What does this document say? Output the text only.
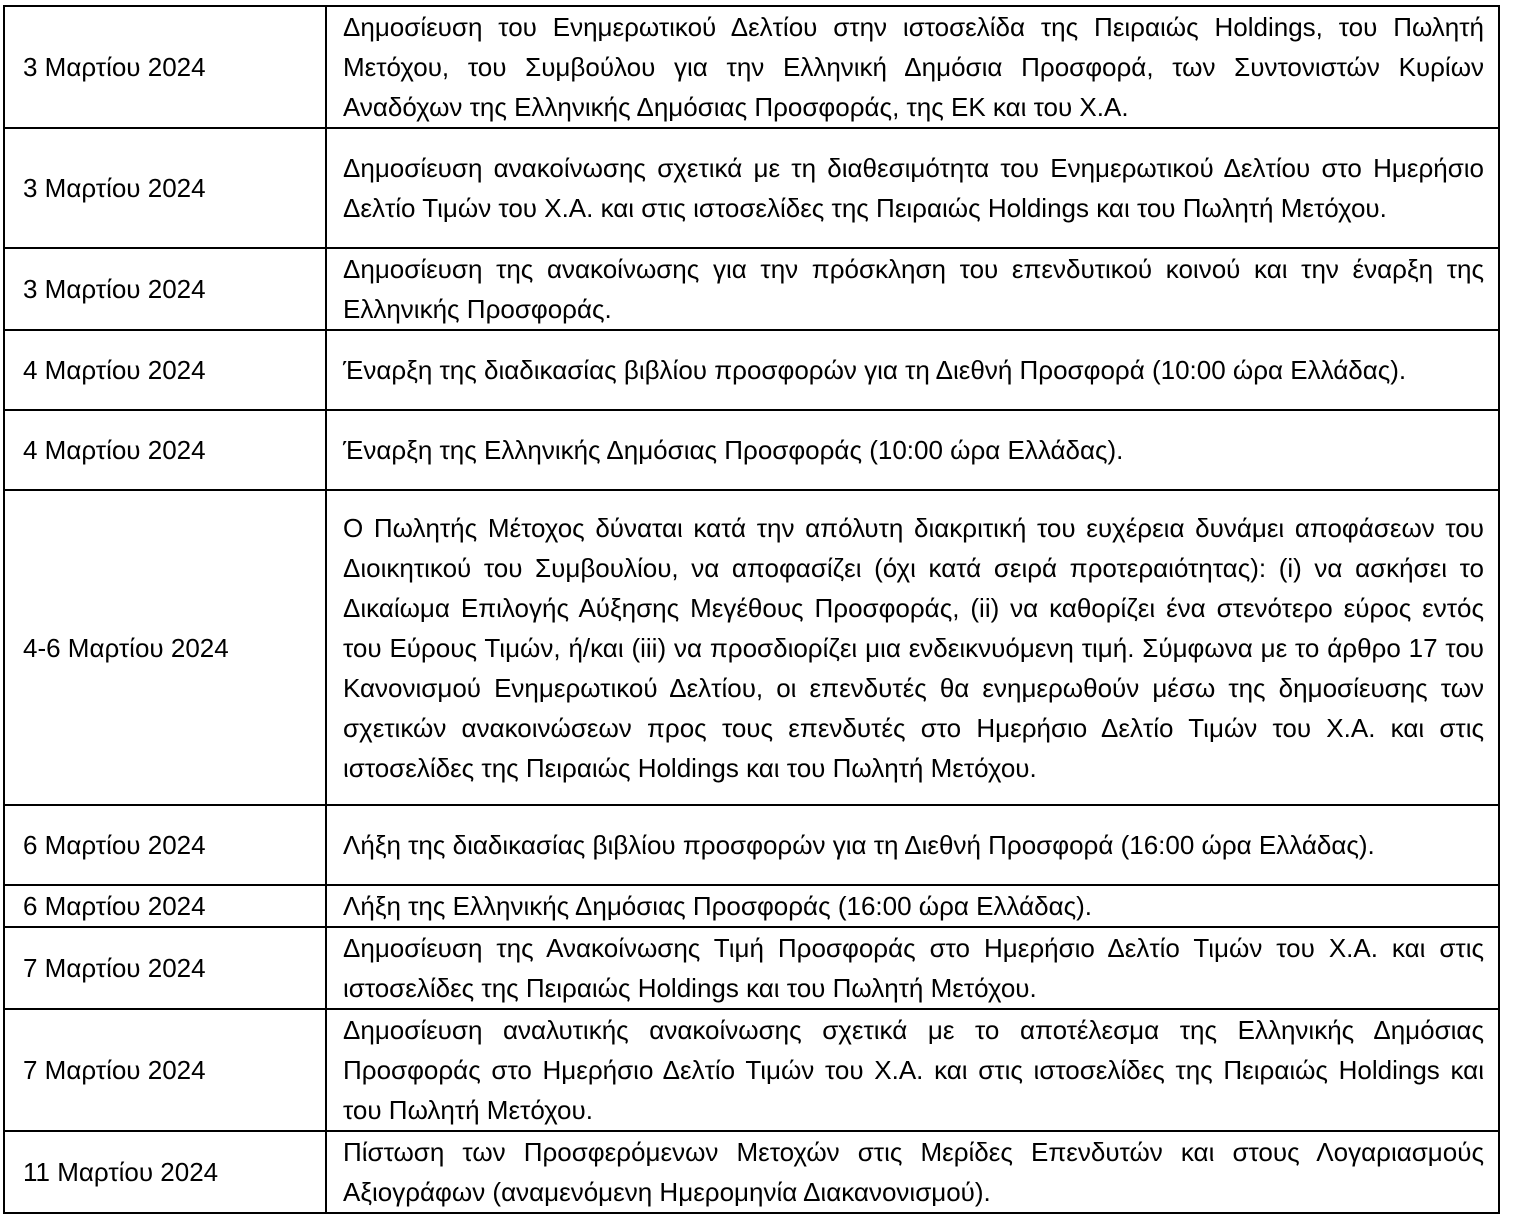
3 Μαρτίου 2024	Δημοσίευση του Ενημερωτικού Δελτίου στην ιστοσελίδα της Πειραιώς Holdings, του Πωλητή Μετόχου, του Συμβούλου για την Ελληνική Δημόσια Προσφορά, των Συντονιστών Κυρίων Αναδόχων της Ελληνικής Δημόσιας Προσφοράς, της ΕΚ και του Χ.Α.
3 Μαρτίου 2024	Δημοσίευση ανακοίνωσης σχετικά με τη διαθεσιμότητα του Ενημερωτικού Δελτίου στο Ημερήσιο Δελτίο Τιμών του Χ.Α. και στις ιστοσελίδες της Πειραιώς Holdings και του Πωλητή Μετόχου.
3 Μαρτίου 2024	Δημοσίευση της ανακοίνωσης για την πρόσκληση του επενδυτικού κοινού και την έναρξη της Ελληνικής Προσφοράς.
4 Μαρτίου 2024	Έναρξη της διαδικασίας βιβλίου προσφορών για τη Διεθνή Προσφορά (10:00 ώρα Ελλάδας).
4 Μαρτίου 2024	Έναρξη της Ελληνικής Δημόσιας Προσφοράς (10:00 ώρα Ελλάδας).
4-6 Μαρτίου 2024	Ο Πωλητής Μέτοχος δύναται κατά την απόλυτη διακριτική του ευχέρεια δυνάμει αποφάσεων του Διοικητικού του Συμβουλίου, να αποφασίζει (όχι κατά σειρά προτεραιότητας): (i) να ασκήσει το Δικαίωμα Επιλογής Αύξησης Μεγέθους Προσφοράς, (ii) να καθορίζει ένα στενότερο εύρος εντός του Εύρους Τιμών, ή/και (iii) να προσδιορίζει μια ενδεικνυόμενη τιμή. Σύμφωνα με το άρθρο 17 του Κανονισμού Ενημερωτικού Δελτίου, οι επενδυτές θα ενημερωθούν μέσω της δημοσίευσης των σχετικών ανακοινώσεων προς τους επενδυτές στο Ημερήσιο Δελτίο Τιμών του Χ.Α. και στις ιστοσελίδες της Πειραιώς Holdings και του Πωλητή Μετόχου.
6 Μαρτίου 2024	Λήξη της διαδικασίας βιβλίου προσφορών για τη Διεθνή Προσφορά (16:00 ώρα Ελλάδας).
6 Μαρτίου 2024	Λήξη της Ελληνικής Δημόσιας Προσφοράς (16:00 ώρα Ελλάδας).
7 Μαρτίου 2024	Δημοσίευση της Ανακοίνωσης Τιμή Προσφοράς στο Ημερήσιο Δελτίο Τιμών του Χ.Α. και στις ιστοσελίδες της Πειραιώς Holdings και του Πωλητή Μετόχου.
7 Μαρτίου 2024	Δημοσίευση αναλυτικής ανακοίνωσης σχετικά με το αποτέλεσμα της Ελληνικής Δημόσιας Προσφοράς στο Ημερήσιο Δελτίο Τιμών του Χ.Α. και στις ιστοσελίδες της Πειραιώς Holdings και του Πωλητή Μετόχου.
11 Μαρτίου 2024	Πίστωση των Προσφερόμενων Μετοχών στις Μερίδες Επενδυτών και στους Λογαριασμούς Αξιογράφων (αναμενόμενη Ημερομηνία Διακανονισμού).
